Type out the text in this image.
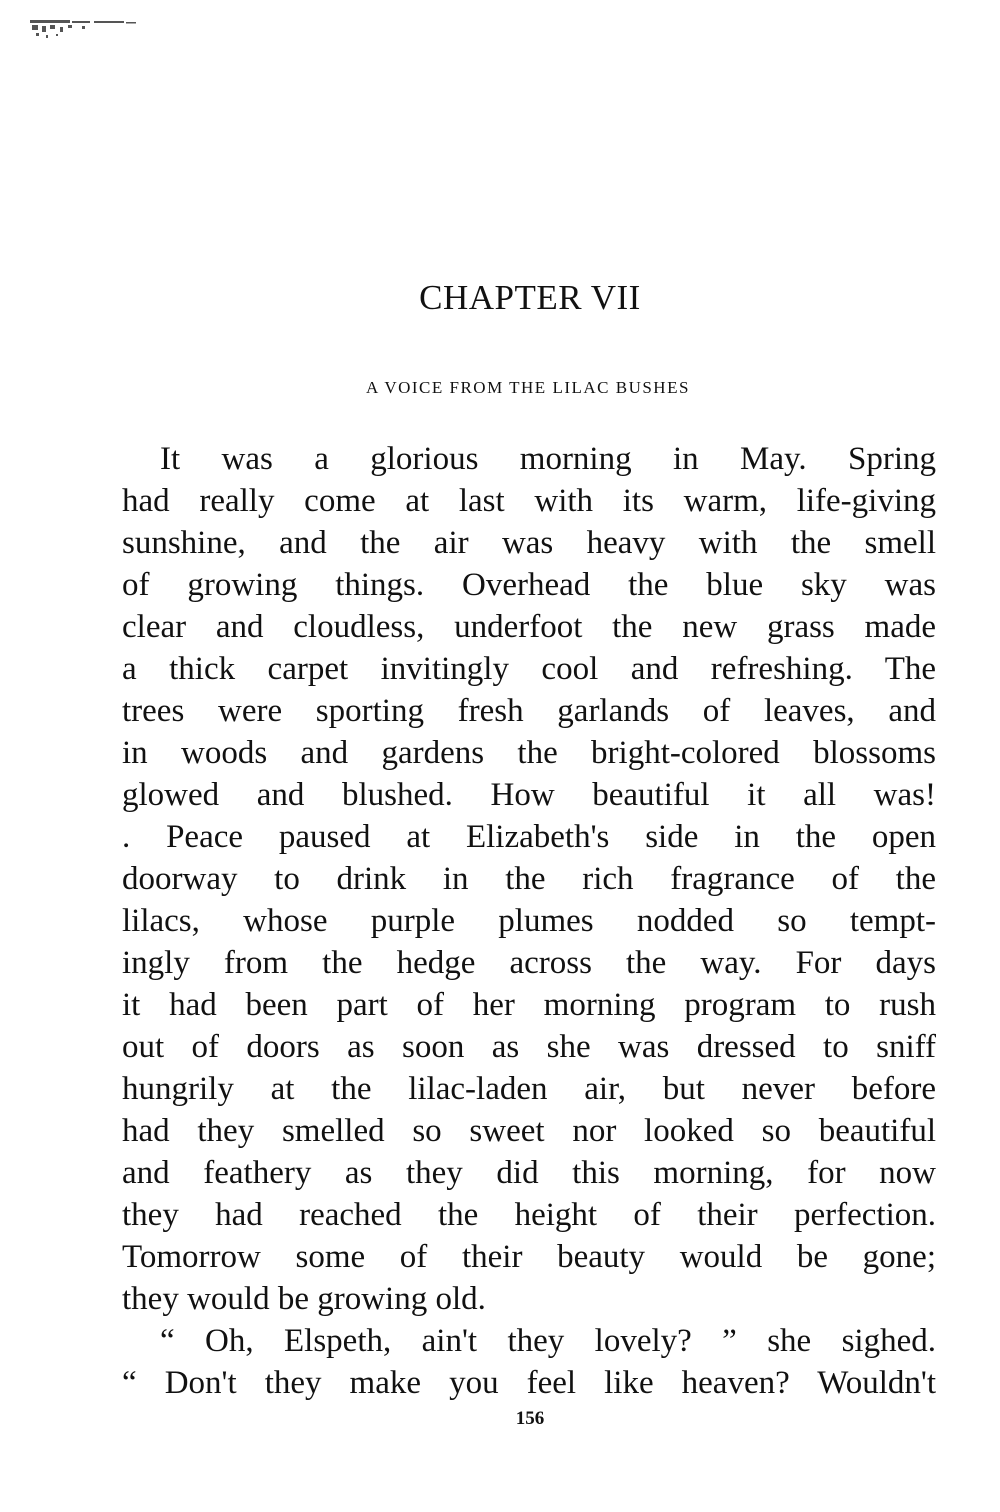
CHAPTER VII
A VOICE FROM THE LILAC BUSHES
It was a glorious morning in May. Spring
had really come at last with its warm, life-giving
sunshine, and the air was heavy with the smell
of growing things. Overhead the blue sky was
clear and cloudless, underfoot the new grass made
a thick carpet invitingly cool and refreshing. The
trees were sporting fresh garlands of leaves, and
in woods and gardens the bright-colored blossoms
glowed and blushed. How beautiful it all was!
. Peace paused at Elizabeth's side in the open
doorway to drink in the rich fragrance of the
lilacs, whose purple plumes nodded so tempt-
ingly from the hedge across the way. For days
it had been part of her morning program to rush
out of doors as soon as she was dressed to sniff
hungrily at the lilac-laden air, but never before
had they smelled so sweet nor looked so beautiful
and feathery as they did this morning, for now
they had reached the height of their perfection.
Tomorrow some of their beauty would be gone;
they would be growing old.
“ Oh, Elspeth, ain't they lovely? ” she sighed.
“ Don't they make you feel like heaven? Wouldn't

156
